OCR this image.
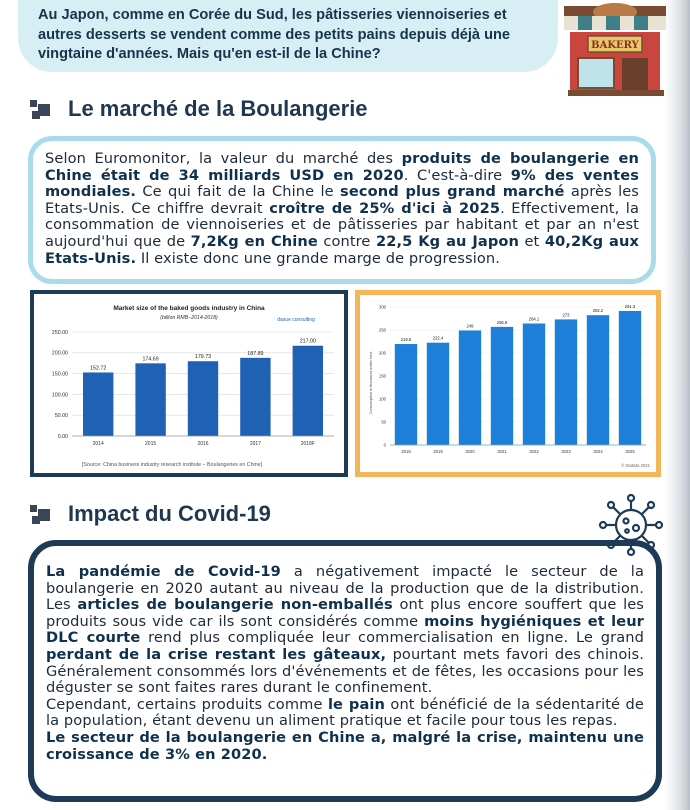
Au Japon, comme en Corée du Sud, les pâtisseries viennoiseries et autres desserts se vendent comme des petits pains depuis déjà une vingtaine d'années. Mais qu'en est-il de la Chine?

BAKERY
Le marché de la Boulangerie

Selon Euromonitor, la valeur du marché des produits de boulangerie en Chine était de 34 milliards USD en 2020. C'est-à-dire 9% des ventes mondiales. Ce qui fait de la Chine le second plus grand marché après les Etats-Unis. Ce chiffre devrait croître de 25% d'ici à 2025. Effectivement, la consommation de viennoiseries et de pâtisseries par habitant et par an n'est aujourd'hui que de 7,2Kg en Chine contre 22,5 Kg au Japon et 40,2Kg aux Etats-Unis. Il existe donc une grande marge de progression.

Market size of the baked goods industry in China
(billion RMB−2014-2018)	daxue consulting
0.00
50.00
100.00
150.00
200.00
250.00
152.72
2014
174.69
2015
179.73
2016
187.89
2017
217.00
2018F
[Source: China business industry research institute – Boulangeries en Chine]
Consumption in thousand metric tons
0
50
100
150
200
250
300
219.5
2018
222.4
2019
249
2020
256.8
2021
264.1
2022
273
2023
282.2
2024
291.3
2025
© Statista 2021
Impact du Covid-19

La pandémie de Covid-19 a négativement impacté le secteur de la boulangerie en 2020 autant au niveau de la production que de la distribution. Les articles de boulangerie non-emballés ont plus encore souffert que les produits sous vide car ils sont considérés comme moins hygiéniques et leur DLC courte rend plus compliquée leur commercialisation en ligne. Le grand perdant de la crise restant les gâteaux, pourtant mets favori des chinois. Généralement consommés lors d'événements et de fêtes, les occasions pour les déguster se sont faites rares durant le confinement.

Cependant, certains produits comme le pain ont bénéficié de la sédentarité de la population, étant devenu un aliment pratique et facile pour tous les repas.

Le secteur de la boulangerie en Chine a, malgré la crise, maintenu une croissance de 3% en 2020.
